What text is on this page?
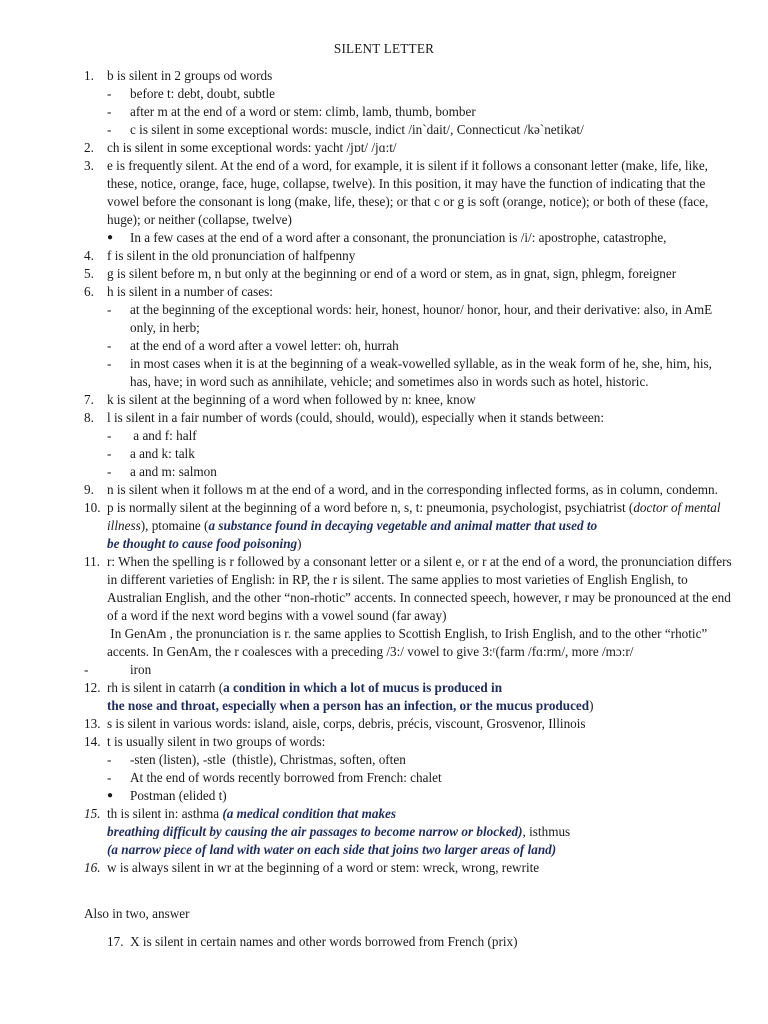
SILENT LETTER
1. b is silent in 2 groups od words
- before t: debt, doubt, subtle
- after m at the end of a word or stem: climb, lamb, thumb, bomber
- c is silent in some exceptional words: muscle, indict /in`dait/, Connecticut /kə`netikət/
2. ch is silent in some exceptional words: yacht /jɒt/ /jɑ:t/
3. e is frequently silent. At the end of a word, for example, it is silent if it follows a consonant letter (make, life, like, these, notice, orange, face, huge, collapse, twelve). In this position, it may have the function of indicating that the vowel before the consonant is long (make, life, these); or that c or g is soft (orange, notice); or both of these (face, huge); or neither (collapse, twelve)
● In a few cases at the end of a word after a consonant, the pronunciation is /i/: apostrophe, catastrophe,
4. f is silent in the old pronunciation of halfpenny
5. g is silent before m, n but only at the beginning or end of a word or stem, as in gnat, sign, phlegm, foreigner
6. h is silent in a number of cases:
- at the beginning of the exceptional words: heir, honest, hounor/ honor, hour, and their derivative: also, in AmE only, in herb;
- at the end of a word after a vowel letter: oh, hurrah
- in most cases when it is at the beginning of a weak-vowelled syllable, as in the weak form of he, she, him, his, has, have; in word such as annihilate, vehicle; and sometimes also in words such as hotel, historic.
7. k is silent at the beginning of a word when followed by n: knee, know
8. l is silent in a fair number of words (could, should, would), especially when it stands between:
- a and f: half
- a and k: talk
- a and m: salmon
9. n is silent when it follows m at the end of a word, and in the corresponding inflected forms, as in column, condemn.
10. p is normally silent at the beginning of a word before n, s, t: pneumonia, psychologist, psychiatrist (doctor of mental illness), ptomaine (a substance found in decaying vegetable and animal matter that used to
be thought to cause food poisoning)
11. r: When the spelling is r followed by a consonant letter or a silent e, or r at the end of a word, the pronunciation differs in different varieties of English: in RP, the r is silent. The same applies to most varieties of English English, to Australian English, and the other “non-rhotic” accents. In connected speech, however, r may be pronounced at the end of a word if the next word begins with a vowel sound (far away)
In GenAm , the pronunciation is r. the same applies to Scottish English, to Irish English, and to the other “rhotic” accents. In GenAm, the r coalesces with a preceding /3:/ vowel to give 3:ʳ(farm /fɑ:rm/, more /mɔ:r/
-	iron
12. rh is silent in catarrh (a condition in which a lot of mucus is produced in
the nose and throat, especially when a person has an infection, or the mucus produced)
13. s is silent in various words: island, aisle, corps, debris, précis, viscount, Grosvenor, Illinois
14. t is usually silent in two groups of words:
- -sten (listen), -stle  (thistle), Christmas, soften, often
- At the end of words recently borrowed from French: chalet
● Postman (elided t)
15. th is silent in: asthma (a medical condition that makes
breathing difficult by causing the air passages to become narrow or blocked), isthmus
(a narrow piece of land with water on each side that joins two larger areas of land)
16. w is always silent in wr at the beginning of a word or stem: wreck, wrong, rewrite
Also in two, answer
17.  X is silent in certain names and other words borrowed from French (prix)
